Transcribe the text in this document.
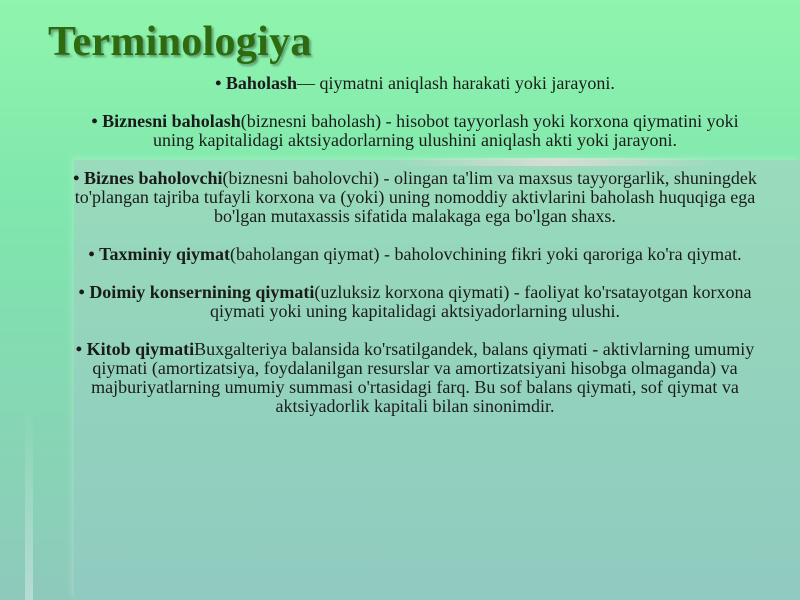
Terminologiya

• Baholash— qiymatni aniqlash harakati yoki jarayoni.

• Biznesni baholash(biznesni baholash) - hisobot tayyorlash yoki korxona qiymatini yoki uning kapitalidagi aktsiyadorlarning ulushini aniqlash akti yoki jarayoni.

• Biznes baholovchi(biznesni baholovchi) - olingan ta'lim va maxsus tayyorgarlik, shuningdek to'plangan tajriba tufayli korxona va (yoki) uning nomoddiy aktivlarini baholash huquqiga ega bo'lgan mutaxassis sifatida malakaga ega bo'lgan shaxs.

• Taxminiy qiymat(baholangan qiymat) - baholovchining fikri yoki qaroriga ko'ra qiymat.

• Doimiy konsernining qiymati(uzluksiz korxona qiymati) - faoliyat ko'rsatayotgan korxona qiymati yoki uning kapitalidagi aktsiyadorlarning ulushi.

• Kitob qiymatiBuxgalteriya balansida ko'rsatilgandek, balans qiymati - aktivlarning umumiy qiymati (amortizatsiya, foydalanilgan resurslar va amortizatsiyani hisobga olmaganda) va majburiyatlarning umumiy summasi o'rtasidagi farq. Bu sof balans qiymati, sof qiymat va aktsiyadorlik kapitali bilan sinonimdir.
